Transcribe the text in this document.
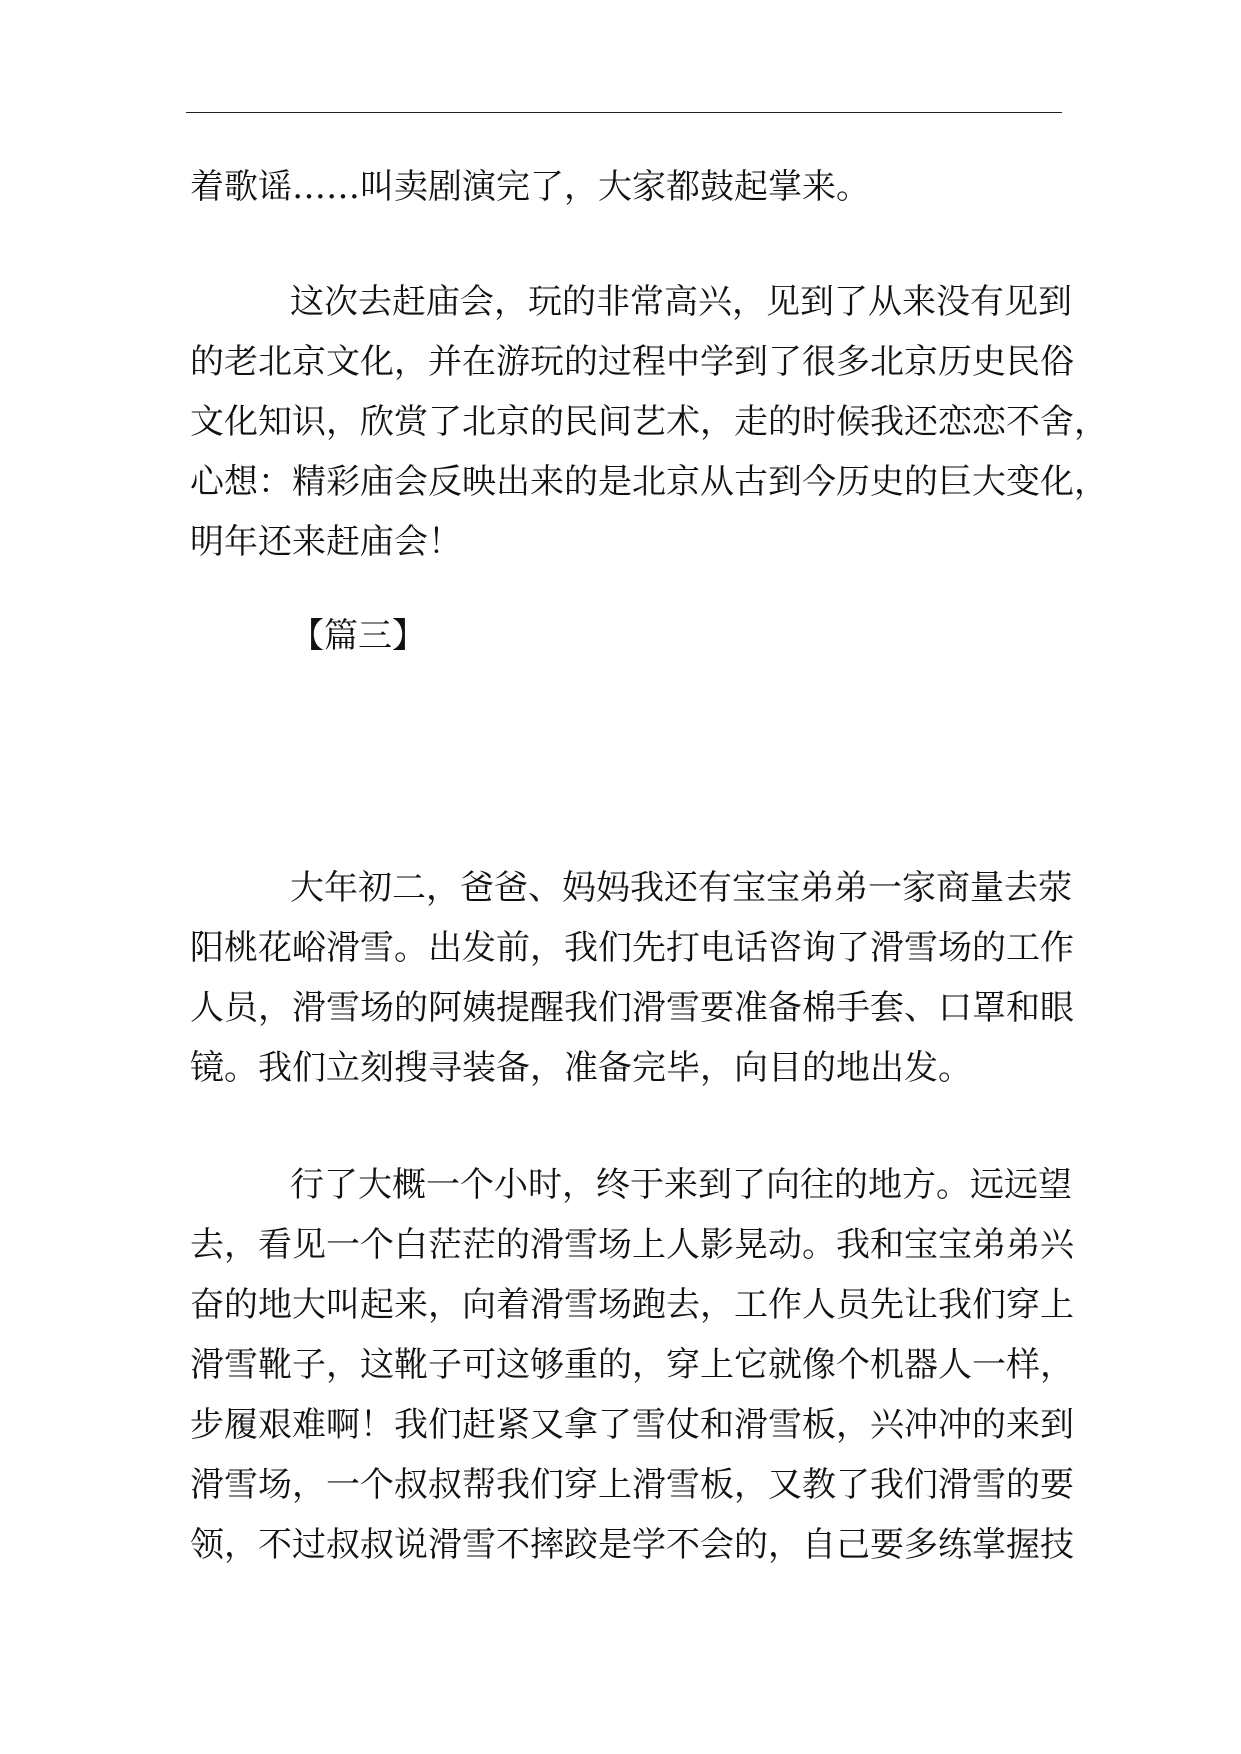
着歌谣……叫卖剧演完了，大家都鼓起掌来。
这次去赶庙会，玩的非常高兴，见到了从来没有见到
的老北京文化，并在游玩的过程中学到了很多北京历史民俗
文化知识，欣赏了北京的民间艺术，走的时候我还恋恋不舍，
心想：精彩庙会反映出来的是北京从古到今历史的巨大变化，
明年还来赶庙会！
【篇三】
大年初二，爸爸、妈妈我还有宝宝弟弟一家商量去荥
阳桃花峪滑雪。出发前，我们先打电话咨询了滑雪场的工作
人员，滑雪场的阿姨提醒我们滑雪要准备棉手套、口罩和眼
镜。我们立刻搜寻装备，准备完毕，向目的地出发。
行了大概一个小时，终于来到了向往的地方。远远望
去，看见一个白茫茫的滑雪场上人影晃动。我和宝宝弟弟兴
奋的地大叫起来，向着滑雪场跑去，工作人员先让我们穿上
滑雪靴子，这靴子可这够重的，穿上它就像个机器人一样，
步履艰难啊！我们赶紧又拿了雪仗和滑雪板，兴冲冲的来到
滑雪场，一个叔叔帮我们穿上滑雪板，又教了我们滑雪的要
领，不过叔叔说滑雪不摔跤是学不会的，自己要多练掌握技
